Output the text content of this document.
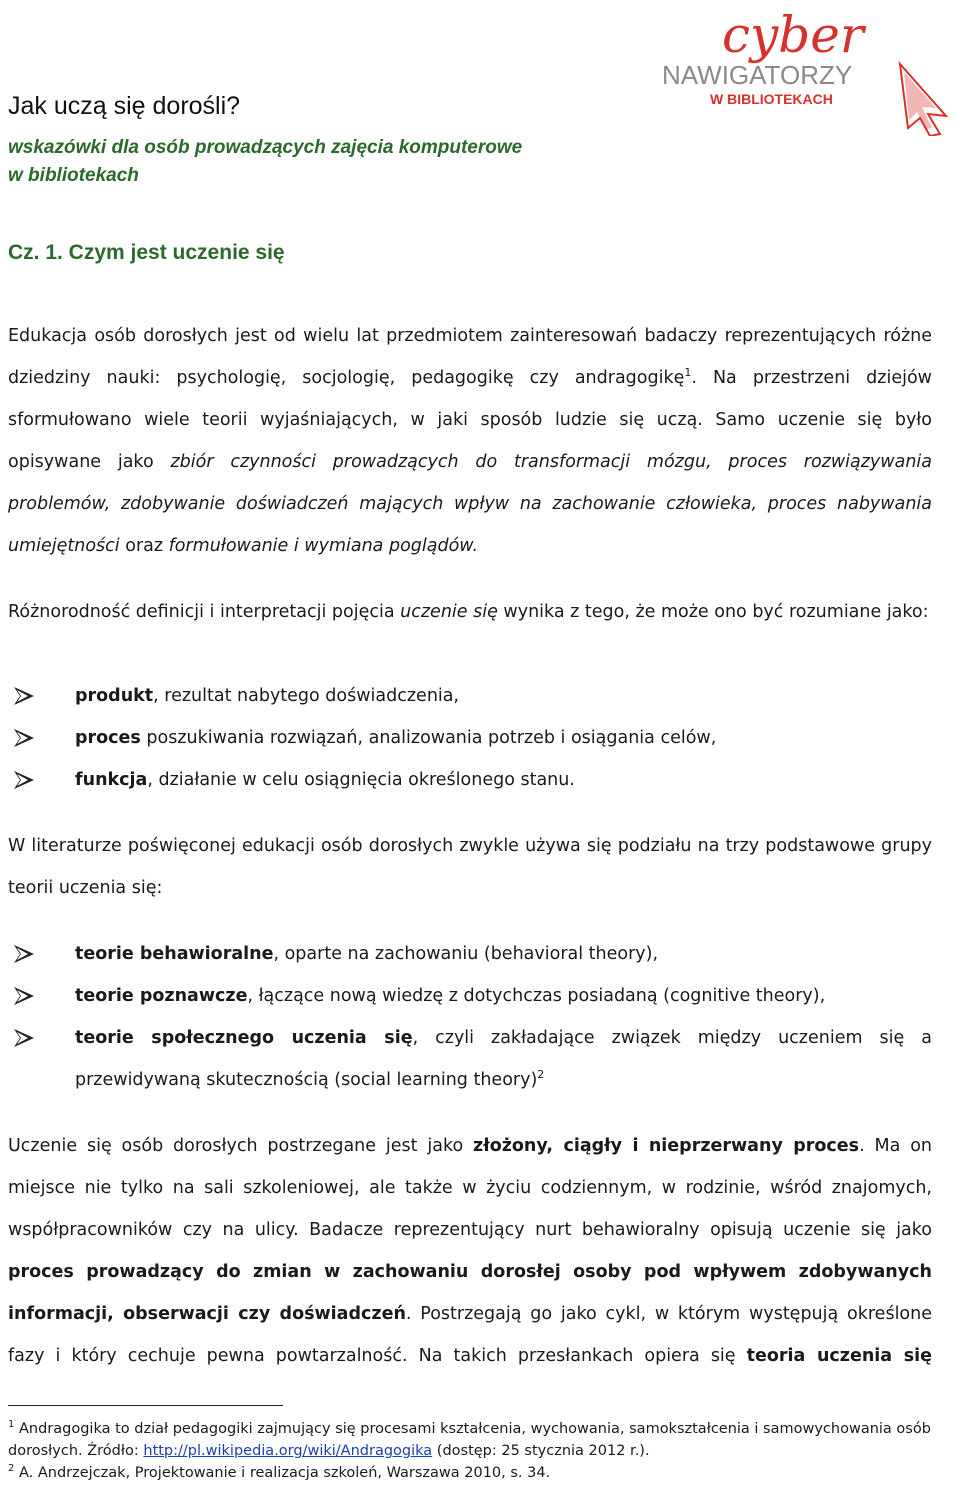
cyber
NAWIGATORZY
W BIBLIOTEKACH
Jak uczą się dorośli?
wskazówki dla osób prowadzących zajęcia komputerowe
w bibliotekach
Cz. 1. Czym jest uczenie się

Edukacja osób dorosłych jest od wielu lat przedmiotem zainteresowań badaczy reprezentujących różne dziedziny nauki: psychologię, socjologię, pedagogikę czy andragogikę$^1$. Na przestrzeni dziejów sformułowano wiele teorii wyjaśniających, w jaki sposób ludzie się uczą. Samo uczenie się było opisywane jako zbiór czynności prowadzących do transformacji mózgu, proces rozwiązywania problemów, zdobywanie doświadczeń mających wpływ na zachowanie człowieka, proces nabywania umiejętności oraz formułowanie i wymiana poglądów.

Różnorodność definicji i interpretacji pojęcia uczenie się wynika z tego, że może ono być rozumiane jako:

produkt, rezultat nabytego doświadczenia,
proces poszukiwania rozwiązań, analizowania potrzeb i osiągania celów,
funkcja, działanie w celu osiągnięcia określonego stanu.

W literaturze poświęconej edukacji osób dorosłych zwykle używa się podziału na trzy podstawowe grupy teorii uczenia się:

teorie behawioralne, oparte na zachowaniu (behavioral theory),
teorie poznawcze, łączące nową wiedzę z dotychczas posiadaną (cognitive theory),
teorie społecznego uczenia się, czyli zakładające związek między uczeniem się a przewidywaną skutecznością (social learning theory)$^2$

Uczenie się osób dorosłych postrzegane jest jako złożony, ciągły i nieprzerwany proces. Ma on miejsce nie tylko na sali szkoleniowej, ale także w życiu codziennym, w rodzinie, wśród znajomych, współpracowników czy na ulicy. Badacze reprezentujący nurt behawioralny opisują uczenie się jako proces prowadzący do zmian w zachowaniu dorosłej osoby pod wpływem zdobywanych informacji, obserwacji czy doświadczeń. Postrzegają go jako cykl, w którym występują określone fazy i który cechuje pewna powtarzalność. Na takich przesłankach opiera się teoria uczenia się

$^1$ Andragogika to dział pedagogiki zajmujący się procesami kształcenia, wychowania, samokształcenia i samowychowania osób dorosłych. Źródło: http://pl.wikipedia.org/wiki/Andragogika (dostęp: 25 stycznia 2012 r.).

$^2$ A. Andrzejczak, Projektowanie i realizacja szkoleń, Warszawa 2010, s. 34.
